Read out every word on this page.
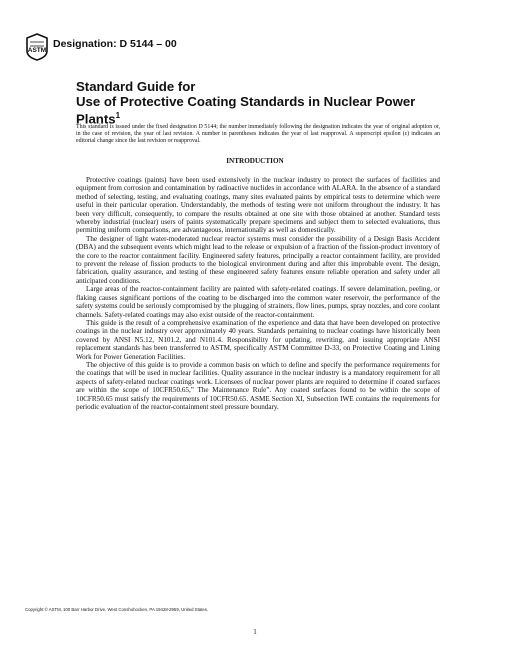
ASTM
Designation: D 5144 – 00
Standard Guide for
Use of Protective Coating Standards in Nuclear Power
Plants$^1$
This standard is issued under the fixed designation D 5144; the number immediately following the designation indicates the year of original adoption or, in the case of revision, the year of last revision. A number in parentheses indicates the year of last reapproval. A superscript epsilon (ε) indicates an editorial change since the last revision or reapproval.
INTRODUCTION

Protective coatings (paints) have been used extensively in the nuclear industry to protect the surfaces of facilities and equipment from corrosion and contamination by radioactive nuclides in accordance with ALARA. In the absence of a standard method of selecting, testing, and evaluating coatings, many sites evaluated paints by empirical tests to determine which were useful in their particular operation. Understandably, the methods of testing were not uniform throughout the industry. It has been very difficult, consequently, to compare the results obtained at one site with those obtained at another. Standard tests whereby industrial (nuclear) users of paints systematically prepare specimens and subject them to selected evaluations, thus permitting uniform comparisons, are advantageous, internationally as well as domestically.

The designer of light water-moderated nuclear reactor systems must consider the possibility of a Design Basis Accident (DBA) and the subsequent events which might lead to the release or expulsion of a fraction of the fission-product inventory of the core to the reactor containment facility. Engineered safety features, principally a reactor containment facility, are provided to prevent the release of fission products to the biological environment during and after this improbable event. The design, fabrication, quality assurance, and testing of these engineered safety features ensure reliable operation and safety under all anticipated conditions.

Large areas of the reactor-containment facility are painted with safety-related coatings. If severe delamination, peeling, or flaking causes significant portions of the coating to be discharged into the common water reservoir, the performance of the safety systems could be seriously compromised by the plugging of strainers, flow lines, pumps, spray nozzles, and core coolant channels. Safety-related coatings may also exist outside of the reactor-containment.

This guide is the result of a comprehensive examination of the experience and data that have been developed on protective coatings in the nuclear industry over approximately 40 years. Standards pertaining to nuclear coatings have historically been covered by ANSI N5.12, N101.2, and N101.4. Responsibility for updating, rewriting, and issuing appropriate ANSI replacement standards has been transferred to ASTM, specifically ASTM Committee D-33, on Protective Coating and Lining Work for Power Generation Facilities.

The objective of this guide is to provide a common basis on which to define and specify the performance requirements for the coatings that will be used in nuclear facilities. Quality assurance in the nuclear industry is a mandatory requirement for all aspects of safety-related nuclear coatings work. Licensees of nuclear power plants are required to determine if coated surfaces are within the scope of 10CFR50.65,” The Maintenance Rule”. Any coated surfaces found to be within the scope of 10CFR50.65 must satisfy the requirements of 10CFR50.65. ASME Section XI, Subsection IWE contains the requirements for periodic evaluation of the reactor-containment steel pressure boundary.

Copyright © ASTM, 100 Barr Harbor Drive, West Conshohocken, PA 19428-2959, United States.
1
